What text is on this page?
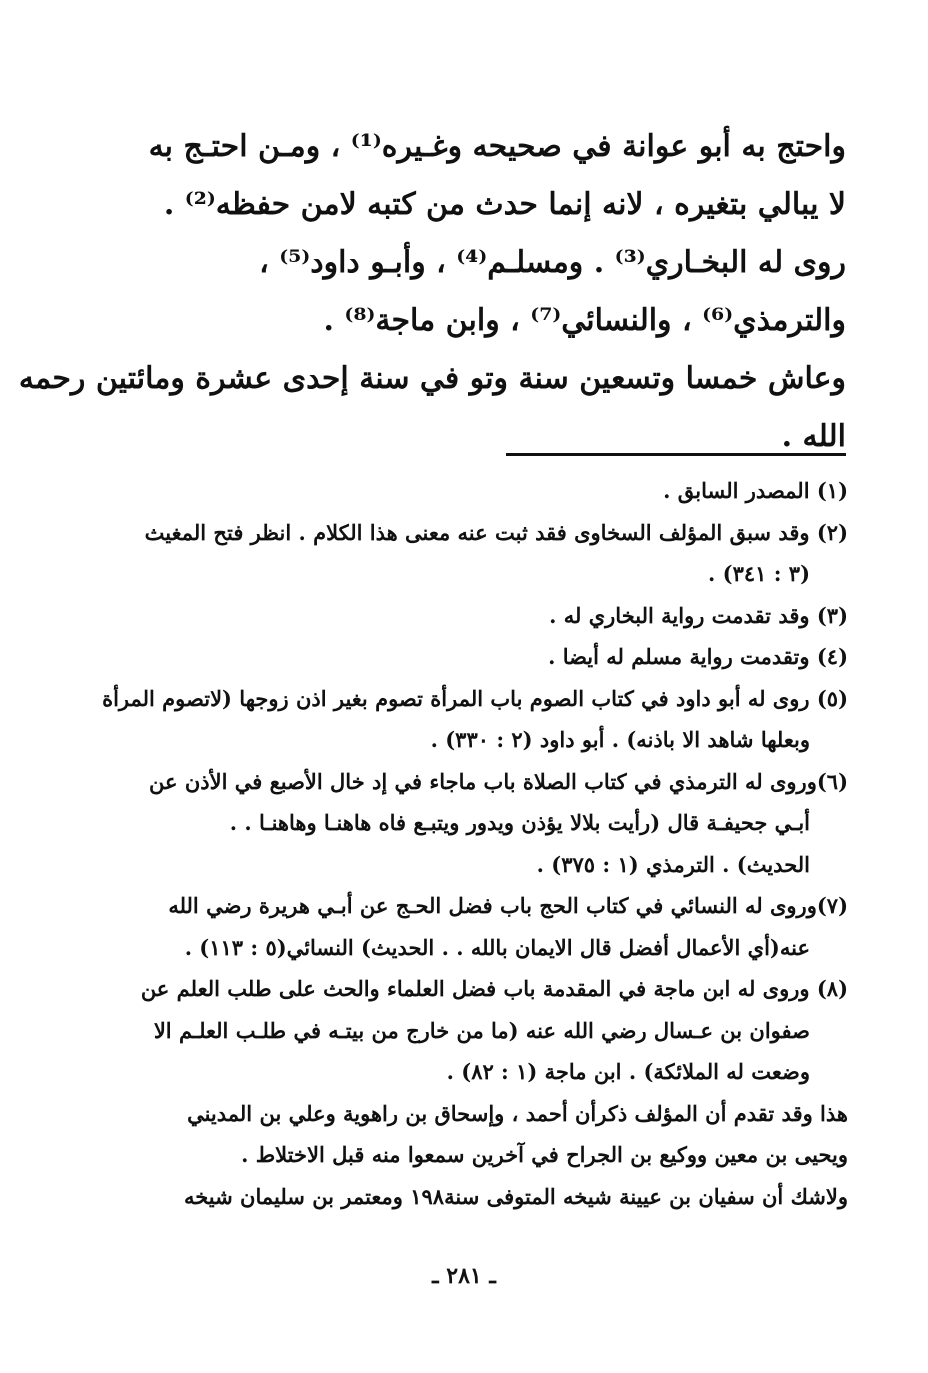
واحتج به أبو عوانة في صحيحه وغـيره⁽¹⁾ ، ومـن احتـج به
لا يبالي بتغيره ، لانه إنما حدث من كتبه لامن حفظه⁽²⁾ .
روى له البخـاري⁽³⁾ . ومسلـم⁽⁴⁾ ، وأبـو داود⁽⁵⁾ ،
والترمذي⁽⁶⁾ ، والنسائي⁽⁷⁾ ، وابن ماجة⁽⁸⁾ .
وعاش خمسا وتسعين سنة وتو في سنة إحدى عشرة ومائتين رحمه
الله .

(١) المصدر السابق .

(٢) وقد سبق المؤلف السخاوى فقد ثبت عنه معنى هذا الكلام . انظر فتح المغيث
(٣ : ٣٤١) .

(٣) وقد تقدمت رواية البخاري له .

(٤) وتقدمت رواية مسلم له أيضا .

(٥) روى له أبو داود في كتاب الصوم باب المرأة تصوم بغير اذن زوجها (لاتصوم المرأة
وبعلها شاهد الا باذنه) . أبو داود (٢ : ٣٣٠) .

(٦)وروى له الترمذي في كتاب الصلاة باب ماجاء في إد خال الأصبع في الأذن عن
أبـي جحيفـة قال (رأيت بلالا يؤذن ويدور ويتبـع فاه هاهنـا وهاهنـا . .
الحديث) . الترمذي (١ : ٣٧٥) .

(٧)وروى له النسائي في كتاب الحج باب فضل الحـج عن أبـي هريرة رضي الله
عنه(أي الأعمال أفضل قال الايمان بالله . . الحديث) النسائي(٥ : ١١٣) .

(٨) وروى له ابن ماجة في المقدمة باب فضل العلماء والحث على طلب العلم عن
صفوان بن عـسال رضي الله عنه (ما من خارج من بيتـه في طلـب العلـم الا
وضعت له الملائكة) . ابن ماجة (١ : ٨٢) .

هذا وقد تقدم أن المؤلف ذكرأن أحمد ، وإسحاق بن راهوية وعلي بن المديني

ويحيى بن معين ووكيع بن الجراح في آخرين سمعوا منه قبل الاختلاط .

ولاشك أن سفيان بن عيينة شيخه المتوفى سنة١٩٨ ومعتمر بن سليمان شيخه

ـ ٢٨١ ـ
